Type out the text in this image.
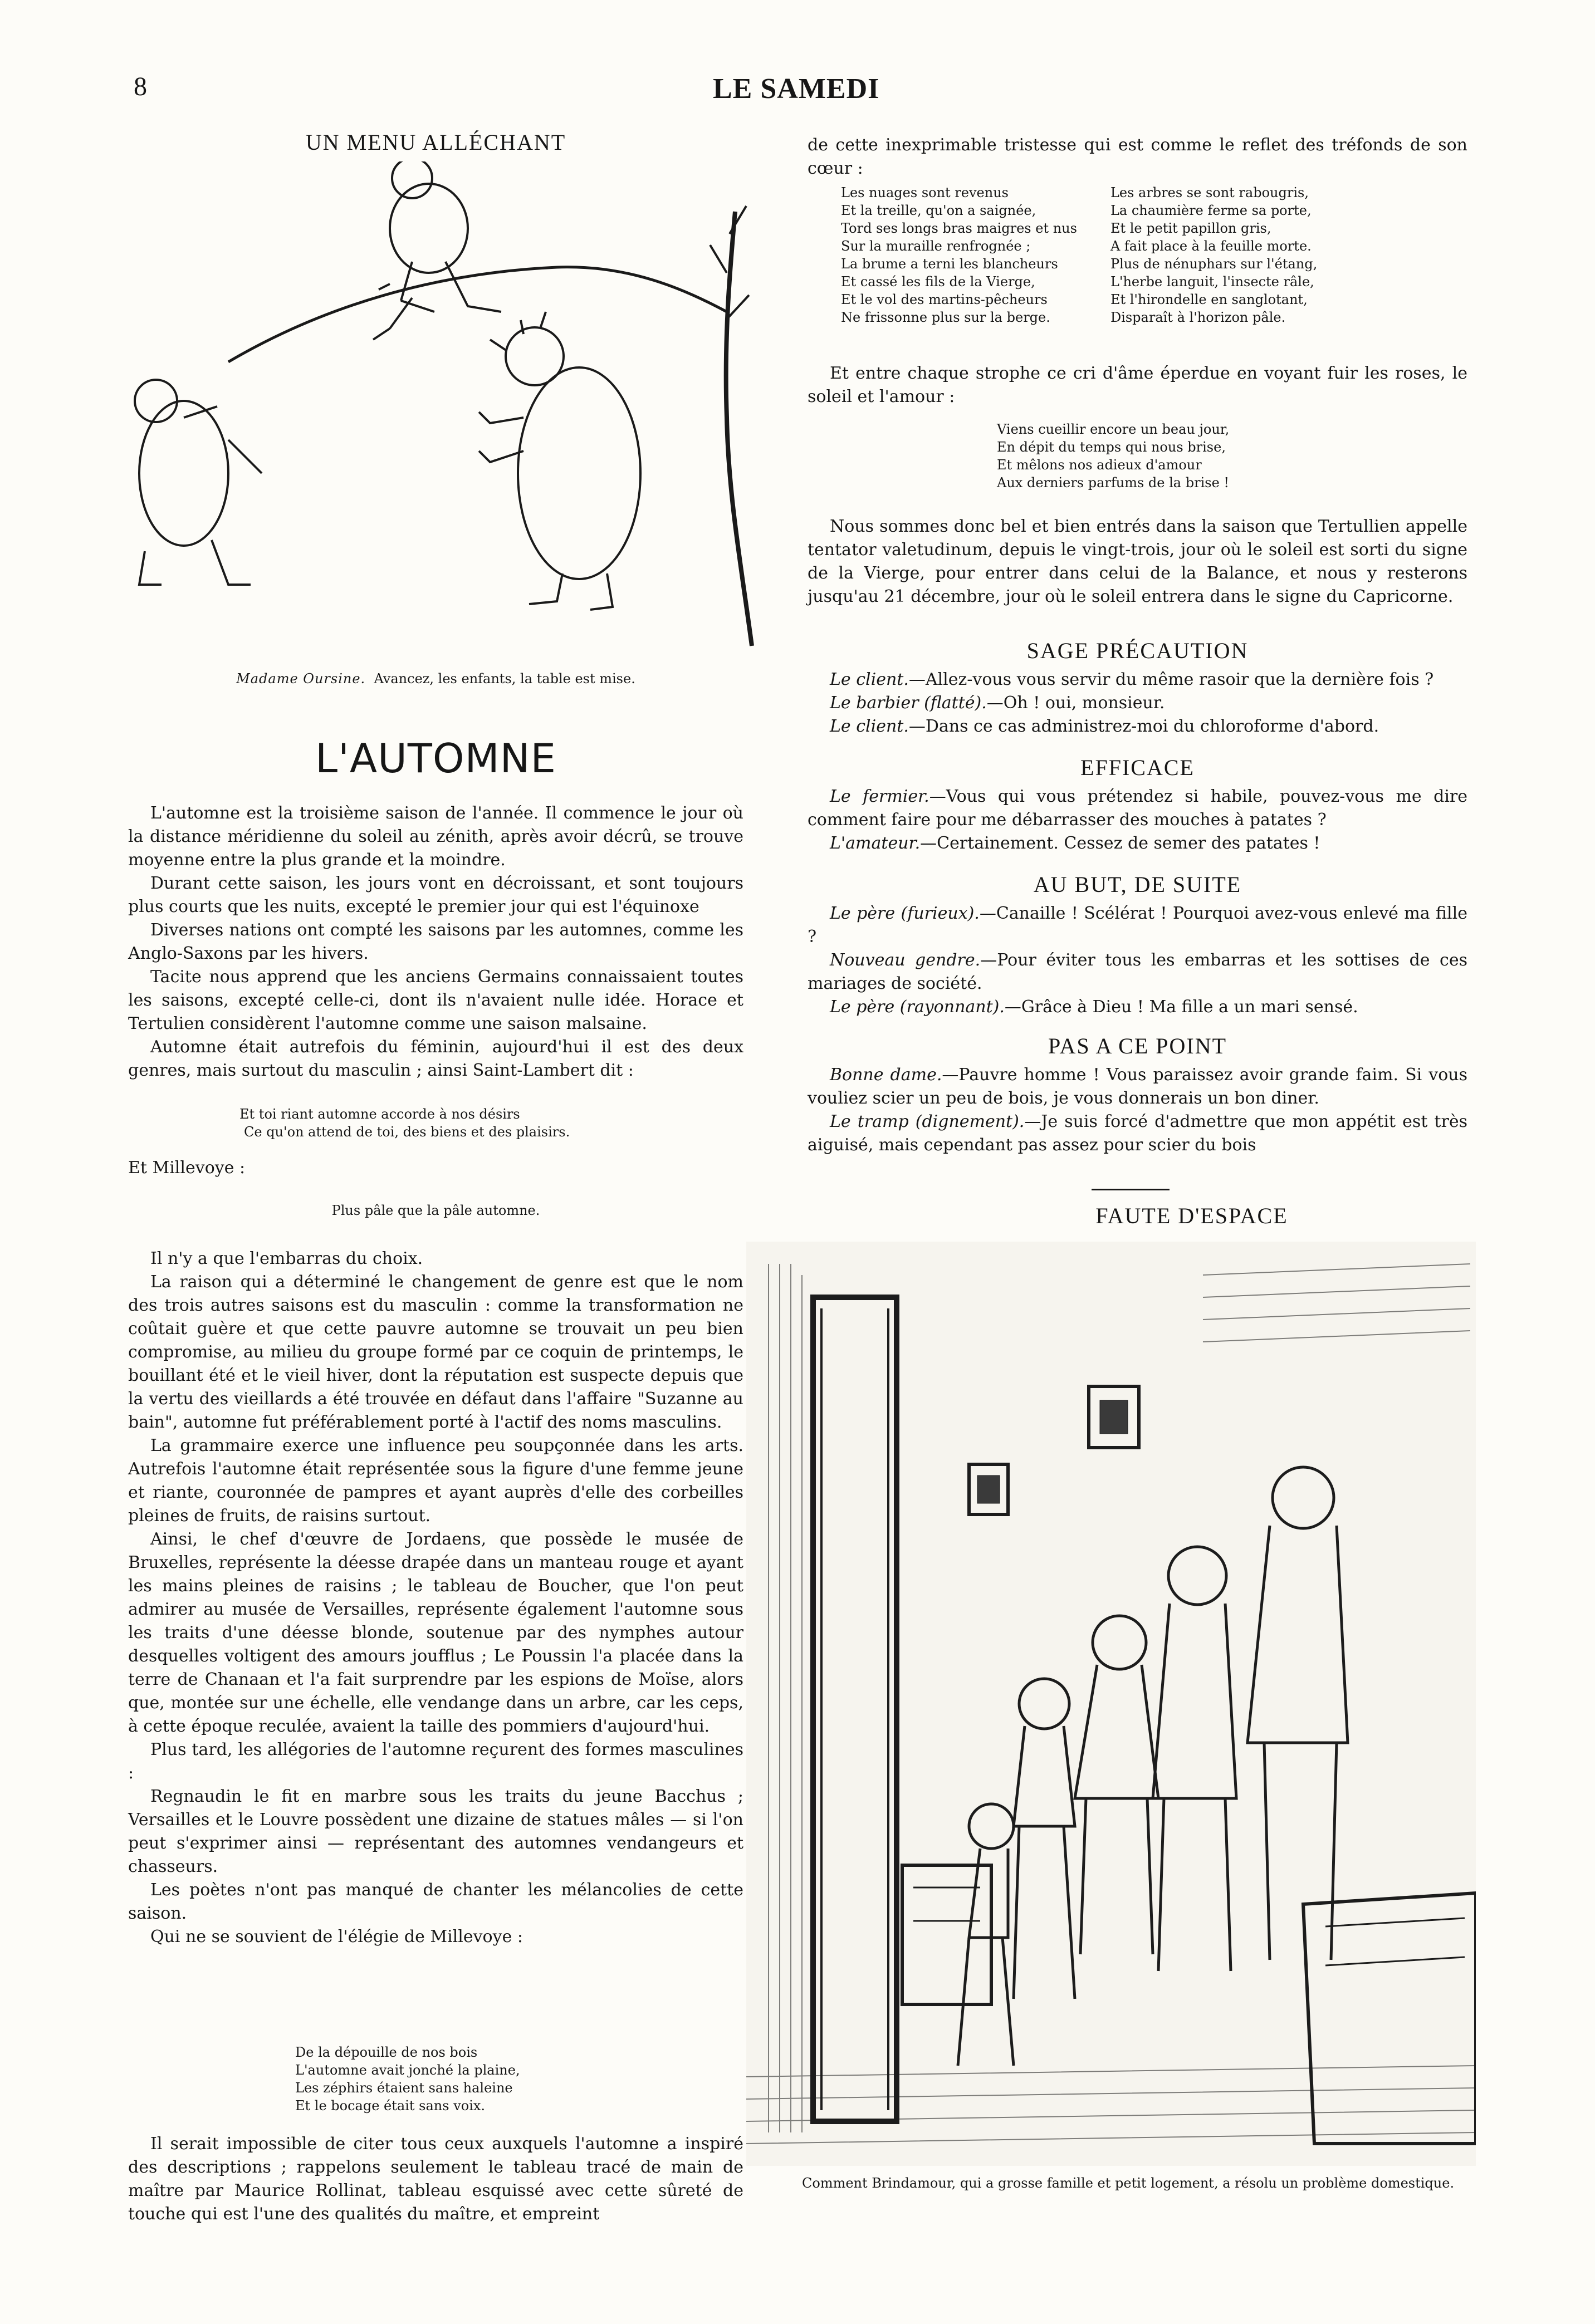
8	LE SAMEDI
UN MENU ALLÉCHANT
Madame Oursine. Avancez, les enfants, la table est mise.
L'AUTOMNE

L'automne est la troisième saison de l'année. Il commence le jour où la distance méridienne du soleil au zénith, après avoir décrû, se trouve moyenne entre la plus grande et la moindre.

Durant cette saison, les jours vont en décroissant, et sont toujours plus courts que les nuits, excepté le premier jour qui est l'équinoxe

Diverses nations ont compté les saisons par les automnes, comme les Anglo-Saxons par les hivers.

Tacite nous apprend que les anciens Germains connaissaient toutes les saisons, excepté celle-ci, dont ils n'avaient nulle idée. Horace et Tertulien considèrent l'automne comme une saison malsaine.

Automne était autrefois du féminin, aujourd'hui il est des deux genres, mais surtout du masculin ; ainsi Saint-Lambert dit :

Et toi riant automne accorde à nos désirs
Ce qu'on attend de toi, des biens et des plaisirs.
Et Millevoye :
Plus pâle que la pâle automne.

Il n'y a que l'embarras du choix.

La raison qui a déterminé le changement de genre est que le nom des trois autres saisons est du masculin : comme la transformation ne coûtait guère et que cette pauvre automne se trouvait un peu bien compromise, au milieu du groupe formé par ce coquin de printemps, le bouillant été et le vieil hiver, dont la réputation est suspecte depuis que la vertu des vieillards a été trouvée en défaut dans l'affaire "Suzanne au bain", automne fut préférablement porté à l'actif des noms masculins.

La grammaire exerce une influence peu soupçonnée dans les arts. Autrefois l'automne était représentée sous la figure d'une femme jeune et riante, couronnée de pampres et ayant auprès d'elle des corbeilles pleines de fruits, de raisins surtout.

Ainsi, le chef d'œuvre de Jordaens, que possède le musée de Bruxelles, représente la déesse drapée dans un manteau rouge et ayant les mains pleines de raisins ; le tableau de Boucher, que l'on peut admirer au musée de Versailles, représente également l'automne sous les traits d'une déesse blonde, soutenue par des nymphes autour desquelles voltigent des amours joufflus ; Le Poussin l'a placée dans la terre de Chanaan et l'a fait surprendre par les espions de Moïse, alors que, montée sur une échelle, elle vendange dans un arbre, car les ceps, à cette époque reculée, avaient la taille des pommiers d'aujourd'hui.

Plus tard, les allégories de l'automne reçurent des formes masculines :

Regnaudin le fit en marbre sous les traits du jeune Bacchus ; Versailles et le Louvre possèdent une dizaine de statues mâles — si l'on peut s'exprimer ainsi — représentant des automnes vendangeurs et chasseurs.

Les poètes n'ont pas manqué de chanter les mélancolies de cette saison.

Qui ne se souvient de l'élégie de Millevoye :

De la dépouille de nos bois
L'automne avait jonché la plaine,
Les zéphirs étaient sans haleine
Et le bocage était sans voix.

Il serait impossible de citer tous ceux auxquels l'automne a inspiré des descriptions ; rappelons seulement le tableau tracé de main de maître par Maurice Rollinat, tableau esquissé avec cette sûreté de touche qui est l'une des qualités du maître, et empreint

de cette inexprimable tristesse qui est comme le reflet des tréfonds de son cœur :

Les nuages sont revenus
Et la treille, qu'on a saignée,
Tord ses longs bras maigres et nus
Sur la muraille renfrognée ;
La brume a terni les blancheurs
Et cassé les fils de la Vierge,
Et le vol des martins-pêcheurs
Ne frissonne plus sur la berge.
Les arbres se sont rabougris,
La chaumière ferme sa porte,
Et le petit papillon gris,
A fait place à la feuille morte.
Plus de nénuphars sur l'étang,
L'herbe languit, l'insecte râle,
Et l'hirondelle en sanglotant,
Disparaît à l'horizon pâle.

Et entre chaque strophe ce cri d'âme éperdue en voyant fuir les roses, le soleil et l'amour :

Viens cueillir encore un beau jour,
En dépit du temps qui nous brise,
Et mêlons nos adieux d'amour
Aux derniers parfums de la brise !

Nous sommes donc bel et bien entrés dans la saison que Tertullien appelle tentator valetudinum, depuis le vingt-trois, jour où le soleil est sorti du signe de la Vierge, pour entrer dans celui de la Balance, et nous y resterons jusqu'au 21 décembre, jour où le soleil entrera dans le signe du Capricorne.

SAGE PRÉCAUTION

Le client.—Allez-vous vous servir du même rasoir que la dernière fois ?

Le barbier (flatté).—Oh ! oui, monsieur.

Le client.—Dans ce cas administrez-moi du chloroforme d'abord.

EFFICACE

Le fermier.—Vous qui vous prétendez si habile, pouvez-vous me dire comment faire pour me débarrasser des mouches à patates ?

L'amateur.—Certainement. Cessez de semer des patates !

AU BUT, DE SUITE

Le père (furieux).—Canaille ! Scélérat ! Pourquoi avez-vous enlevé ma fille ?

Nouveau gendre.—Pour éviter tous les embarras et les sottises de ces mariages de société.

Le père (rayonnant).—Grâce à Dieu ! Ma fille a un mari sensé.

PAS A CE POINT

Bonne dame.—Pauvre homme ! Vous paraissez avoir grande faim. Si vous vouliez scier un peu de bois, je vous donnerais un bon diner.

Le tramp (dignement).—Je suis forcé d'admettre que mon appétit est très aiguisé, mais cependant pas assez pour scier du bois

FAUTE D'ESPACE
Comment Brindamour, qui a grosse famille et petit logement, a résolu un problème domestique.
